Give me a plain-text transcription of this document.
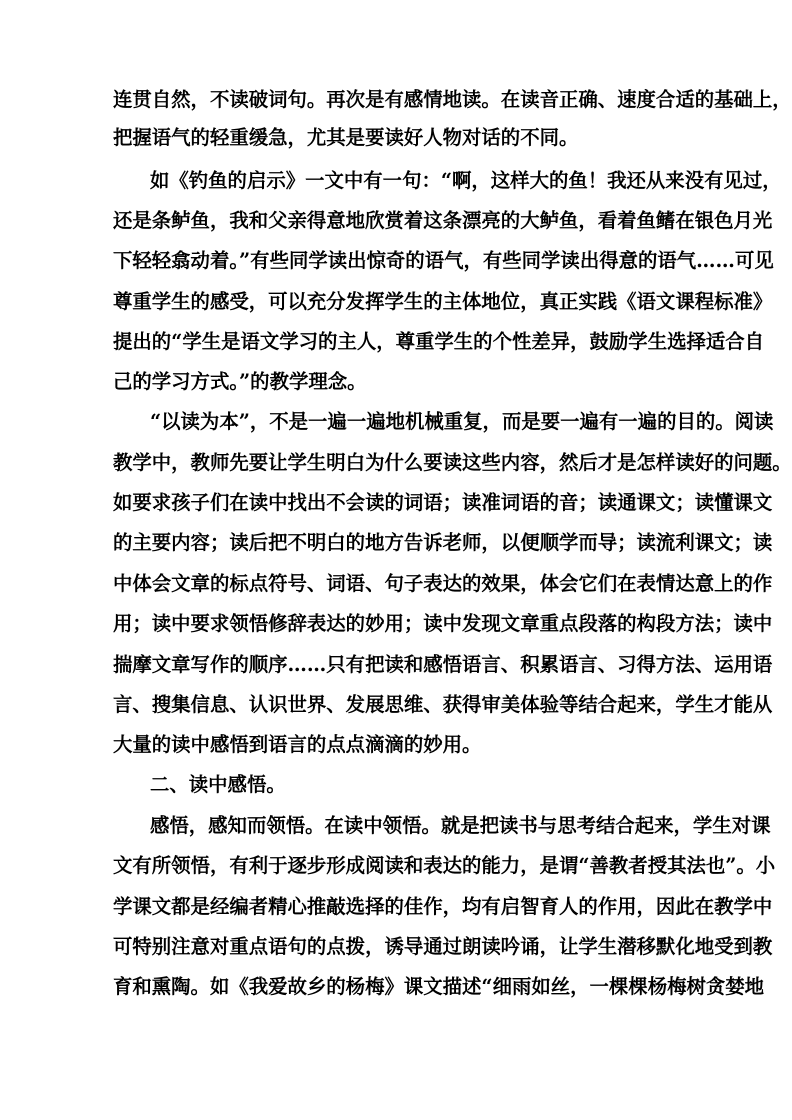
连贯自然，不读破词句。再次是有感情地读。在读音正确、速度合适的基础上，
把握语气的轻重缓急，尤其是要读好人物对话的不同。
如《钓鱼的启示》一文中有一句：“啊，这样大的鱼！我还从来没有见过，
还是条鲈鱼，我和父亲得意地欣赏着这条漂亮的大鲈鱼，看着鱼鳍在银色月光
下轻轻翕动着。”有些同学读出惊奇的语气，有些同学读出得意的语气……可见
尊重学生的感受，可以充分发挥学生的主体地位，真正实践《语文课程标准》
提出的“学生是语文学习的主人，尊重学生的个性差异，鼓励学生选择适合自
己的学习方式。”的教学理念。
“以读为本”，不是一遍一遍地机械重复，而是要一遍有一遍的目的。阅读
教学中，教师先要让学生明白为什么要读这些内容，然后才是怎样读好的问题。
如要求孩子们在读中找出不会读的词语；读准词语的音；读通课文；读懂课文
的主要内容；读后把不明白的地方告诉老师，以便顺学而导；读流利课文；读
中体会文章的标点符号、词语、句子表达的效果，体会它们在表情达意上的作
用；读中要求领悟修辞表达的妙用；读中发现文章重点段落的构段方法；读中
揣摩文章写作的顺序……只有把读和感悟语言、积累语言、习得方法、运用语
言、搜集信息、认识世界、发展思维、获得审美体验等结合起来，学生才能从
大量的读中感悟到语言的点点滴滴的妙用。
二、读中感悟。
感悟，感知而领悟。在读中领悟。就是把读书与思考结合起来，学生对课
文有所领悟，有利于逐步形成阅读和表达的能力，是谓“善教者授其法也”。小
学课文都是经编者精心推敲选择的佳作，均有启智育人的作用，因此在教学中
可特别注意对重点语句的点拨，诱导通过朗读吟诵，让学生潜移默化地受到教
育和熏陶。如《我爱故乡的杨梅》课文描述“细雨如丝，一棵棵杨梅树贪婪地
